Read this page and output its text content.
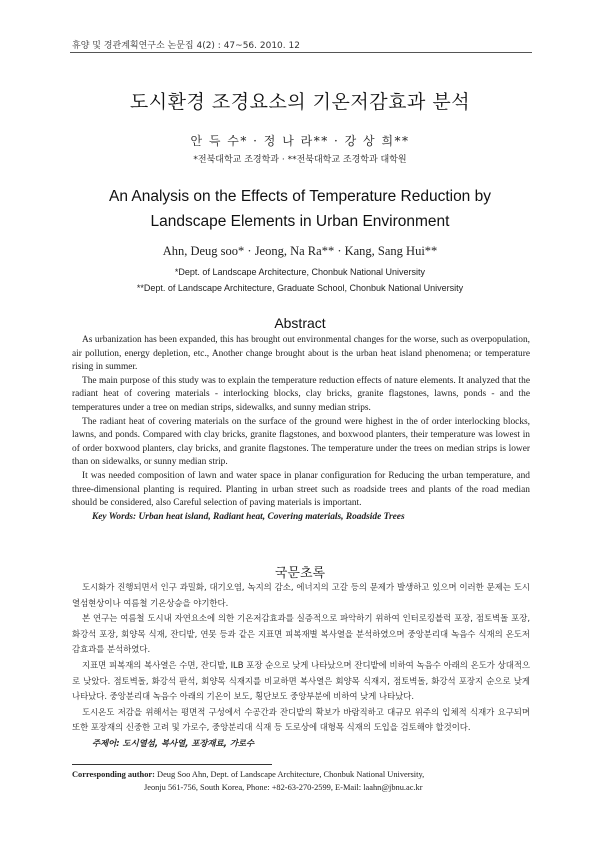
휴양 및 경관계획연구소 논문집 4(2) : 47~56. 2010. 12
도시환경 조경요소의 기온저감효과 분석
안 득 수* · 정 나 라** · 강 상 희**
*전북대학교 조경학과 · **전북대학교 조경학과 대학원
An Analysis on the Effects of Temperature Reduction by
Landscape Elements in Urban Environment
Ahn, Deug soo* · Jeong, Na Ra** · Kang, Sang Hui**
*Dept. of Landscape Architecture, Chonbuk National University
**Dept. of Landscape Architecture, Graduate School, Chonbuk National University
Abstract

As urbanization has been expanded, this has brought out environmental changes for the worse, such as overpopulation, air pollution, energy depletion, etc., Another change brought about is the urban heat island phenomena; or temperature rising in summer.

The main purpose of this study was to explain the temperature reduction effects of nature elements. It analyzed that the radiant heat of covering materials - interlocking blocks, clay bricks, granite flagstones, lawns, ponds - and the temperatures under a tree on median strips, sidewalks, and sunny median strips.

The radiant heat of covering materials on the surface of the ground were highest in the of order interlocking blocks, lawns, and ponds. Compared with clay bricks, granite flagstones, and boxwood planters, their temperature was lowest in of order boxwood planters, clay bricks, and granite flagstones. The temperature under the trees on median strips is lower than on sidewalks, or sunny median strip.

It was needed composition of lawn and water space in planar configuration for Reducing the urban temperature, and three-dimensional planting is required. Planting in urban street such as roadside trees and plants of the road median should be considered, also Careful selection of paving materials is important.

Key Words: Urban heat island, Radiant heat, Covering materials, Roadside Trees

국문초록

도시화가 진행되면서 인구 과밀화, 대기오염, 녹지의 감소, 에너지의 고갈 등의 문제가 발생하고 있으며 이러한 문제는 도시열섬현상이나 여름철 기온상승을 야기한다.

본 연구는 여름철 도시내 자연요소에 의한 기온저감효과를 실증적으로 파악하기 위하여 인터로킹블럭 포장, 점토벽돌 포장, 화강석 포장, 회양목 식재, 잔디밭, 연못 등과 같은 지표면 피복재별 복사열을 분석하였으며 중앙분리대 녹음수 식재의 온도저감효과를 분석하였다.

지표면 피복재의 복사열은 수면, 잔디밭, ILB 포장 순으로 낮게 나타났으며 잔디밭에 비하여 녹음수 아래의 온도가 상대적으로 낮았다. 점토벽돌, 화강석 판석, 회양목 식재지를 비교하면 복사열은 회양목 식재지, 점토벽돌, 화강석 포장지 순으로 낮게 나타났다. 중앙분리대 녹음수 아래의 기온이 보도, 횡단보도 중앙부분에 비하여 낮게 나타났다.

도시온도 저감을 위해서는 평면적 구성에서 수공간과 잔디밭의 확보가 바람직하고 대규모 위주의 입체적 식재가 요구되며 또한 포장재의 신중한 고려 및 가로수, 중앙분리대 식재 등 도로상에 대형목 식재의 도입을 검토해야 할것이다.

주제어: 도시열섬, 복사열, 포장재료, 가로수

Corresponding author: Deug Soo Ahn, Dept. of Landscape Architecture, Chonbuk National University,
Jeonju 561-756, South Korea, Phone: +82-63-270-2599, E-Mail: laahn@jbnu.ac.kr
